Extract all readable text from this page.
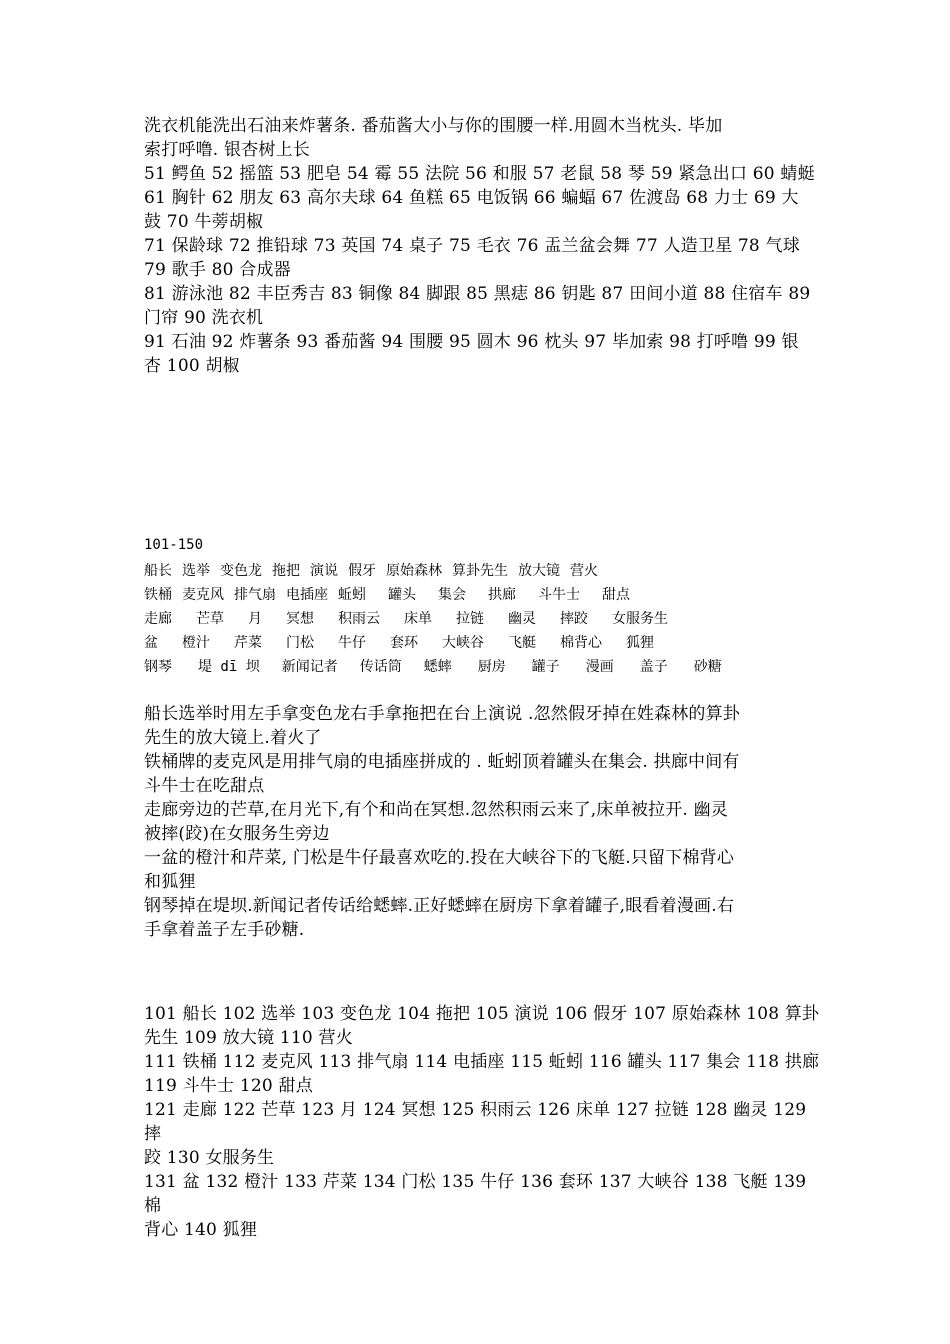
洗衣机能洗出石油来炸薯条. 番茄酱大小与你的围腰一样.用圆木当枕头. 毕加

索打呼噜. 银杏树上长

51 鳄鱼 52 摇篮 53 肥皂 54 霉 55 法院 56 和服 57 老鼠 58 琴 59 紧急出口 60 蜻蜓

61 胸针 62 朋友 63 高尔夫球 64 鱼糕 65 电饭锅 66 蝙蝠 67 佐渡岛 68 力士 69 大

鼓 70 牛蒡胡椒

71 保龄球 72 推铅球 73 英国 74 桌子 75 毛衣 76 盂兰盆会舞 77 人造卫星 78 气球

79 歌手 80 合成器

81 游泳池 82 丰臣秀吉 83 铜像 84 脚跟 85 黑痣 86 钥匙 87 田间小道 88 住宿车 89

门帘 90 洗衣机

91 石油 92 炸薯条 93 番茄酱 94 围腰 95 圆木 96 枕头 97 毕加索 98 打呼噜 99 银

杏 100 胡椒

101-150

船长 选举 变色龙 拖把 演说 假牙 原始森林 算卦先生 放大镜 营火
铁桶 麦克风 排气扇 电插座 蚯蚓 罐头 集会 拱廊 斗牛士 甜点
走廊 芒草 月 冥想 积雨云 床单 拉链 幽灵 摔跤 女服务生
盆 橙汁 芹菜 门松 牛仔 套环 大峡谷 飞艇 棉背心 狐狸
钢琴 堤 dī 坝 新闻记者 传话筒 蟋蟀 厨房 罐子 漫画 盖子 砂糖

船长选举时用左手拿变色龙右手拿拖把在台上演说 .忽然假牙掉在姓森林的算卦

先生的放大镜上.着火了

铁桶牌的麦克风是用排气扇的电插座拼成的 . 蚯蚓顶着罐头在集会. 拱廊中间有

斗牛士在吃甜点

走廊旁边的芒草,在月光下,有个和尚在冥想.忽然积雨云来了,床单被拉开. 幽灵

被摔(跤)在女服务生旁边

一盆的橙汁和芹菜, 门松是牛仔最喜欢吃的.投在大峡谷下的飞艇.只留下棉背心

和狐狸

钢琴掉在堤坝.新闻记者传话给蟋蟀.正好蟋蟀在厨房下拿着罐子,眼看着漫画.右

手拿着盖子左手砂糖.

101 船长 102 选举 103 变色龙 104 拖把 105 演说 106 假牙 107 原始森林 108 算卦

先生 109 放大镜 110 营火

111 铁桶 112 麦克风 113 排气扇 114 电插座 115 蚯蚓 116 罐头 117 集会 118 拱廊

119 斗牛士 120 甜点

121 走廊 122 芒草 123 月 124 冥想 125 积雨云 126 床单 127 拉链 128 幽灵 129 摔

跤 130 女服务生

131 盆 132 橙汁 133 芹菜 134 门松 135 牛仔 136 套环 137 大峡谷 138 飞艇 139 棉

背心 140 狐狸
